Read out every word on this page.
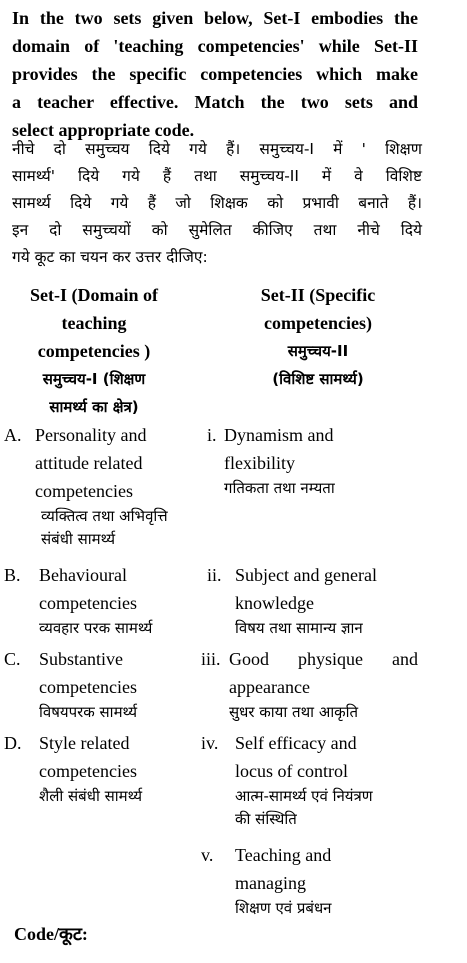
In the two sets given below, Set-I embodies the
domain of 'teaching competencies' while Set-II
provides the specific competencies which make
a teacher effective. Match the two sets and
select appropriate code.
नीचे दो समुच्चय दिये गये हैं। समुच्चय-I में ' शिक्षण
सामर्थ्य' दिये गये हैं तथा समुच्चय-II में वे विशिष्ट
सामर्थ्य दिये गये हैं जो शिक्षक को प्रभावी बनाते हैं।
इन दो समुच्चयों को सुमेलित कीजिए तथा नीचे दिये
गये कूट का चयन कर उत्तर दीजिए:
Set-I (Domain of
teaching
competencies )
समुच्चय-I (शिक्षण
सामर्थ्य का क्षेत्र)
Set-II (Specific
competencies)
समुच्चय-II
(विशिष्ट सामर्थ्य)
A. Personality and
attitude related
competencies
व्यक्तित्व तथा अभिवृत्ति
संबंधी सामर्थ्य
B. Behavioural
competencies
व्यवहार परक सामर्थ्य
C. Substantive
competencies
विषयपरक सामर्थ्य
D. Style related
competencies
शैली संबंधी सामर्थ्य
i. Dynamism and
flexibility
गतिकता तथा नम्यता
ii. Subject and general
knowledge
विषय तथा सामान्य ज्ञान
iii. Good physique and
appearance
सुधर काया तथा आकृति
iv. Self efficacy and
locus of control
आत्म-सामर्थ्य एवं नियंत्रण
की संस्थिति
v. Teaching and
managing
शिक्षण एवं प्रबंधन
Code/कूट:
